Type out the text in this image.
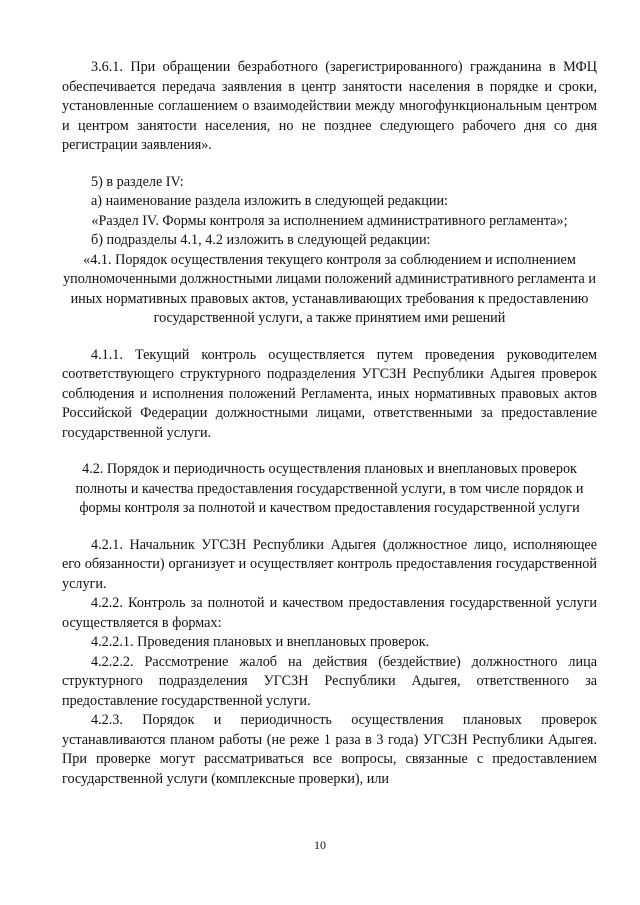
3.6.1. При обращении безработного (зарегистрированного) гражданина в МФЦ обеспечивается передача заявления в центр занятости населения в порядке и сроки, установленные соглашением о взаимодействии между многофункциональным центром и центром занятости населения, но не позднее следующего рабочего дня со дня регистрации заявления».

5) в разделе IV:

а) наименование раздела изложить в следующей редакции:

«Раздел IV. Формы контроля за исполнением административного регламента»;

б) подразделы 4.1, 4.2 изложить в следующей редакции:

«4.1. Порядок осуществления текущего контроля за соблюдением и исполнением уполномоченными должностными лицами положений административного регламента и иных нормативных правовых актов, устанавливающих требования к предоставлению государственной услуги, а также принятием ими решений

4.1.1. Текущий контроль осуществляется путем проведения руководителем соответствующего структурного подразделения УГСЗН Республики Адыгея проверок соблюдения и исполнения положений Регламента, иных нормативных правовых актов Российской Федерации должностными лицами, ответственными за предоставление государственной услуги.

4.2. Порядок и периодичность осуществления плановых и внеплановых проверок полноты и качества предоставления государственной услуги, в том числе порядок и формы контроля за полнотой и качеством предоставления государственной услуги

4.2.1. Начальник УГСЗН Республики Адыгея (должностное лицо, исполняющее его обязанности) организует и осуществляет контроль предоставления государственной услуги.

4.2.2. Контроль за полнотой и качеством предоставления государственной услуги осуществляется в формах:

4.2.2.1. Проведения плановых и внеплановых проверок.

4.2.2.2. Рассмотрение жалоб на действия (бездействие) должностного лица структурного подразделения УГСЗН Республики Адыгея, ответственного за предоставление государственной услуги.

4.2.3. Порядок и периодичность осуществления плановых проверок устанавливаются планом работы (не реже 1 раза в 3 года) УГСЗН Республики Адыгея. При проверке могут рассматриваться все вопросы, связанные с предоставлением государственной услуги (комплексные проверки), или

10
